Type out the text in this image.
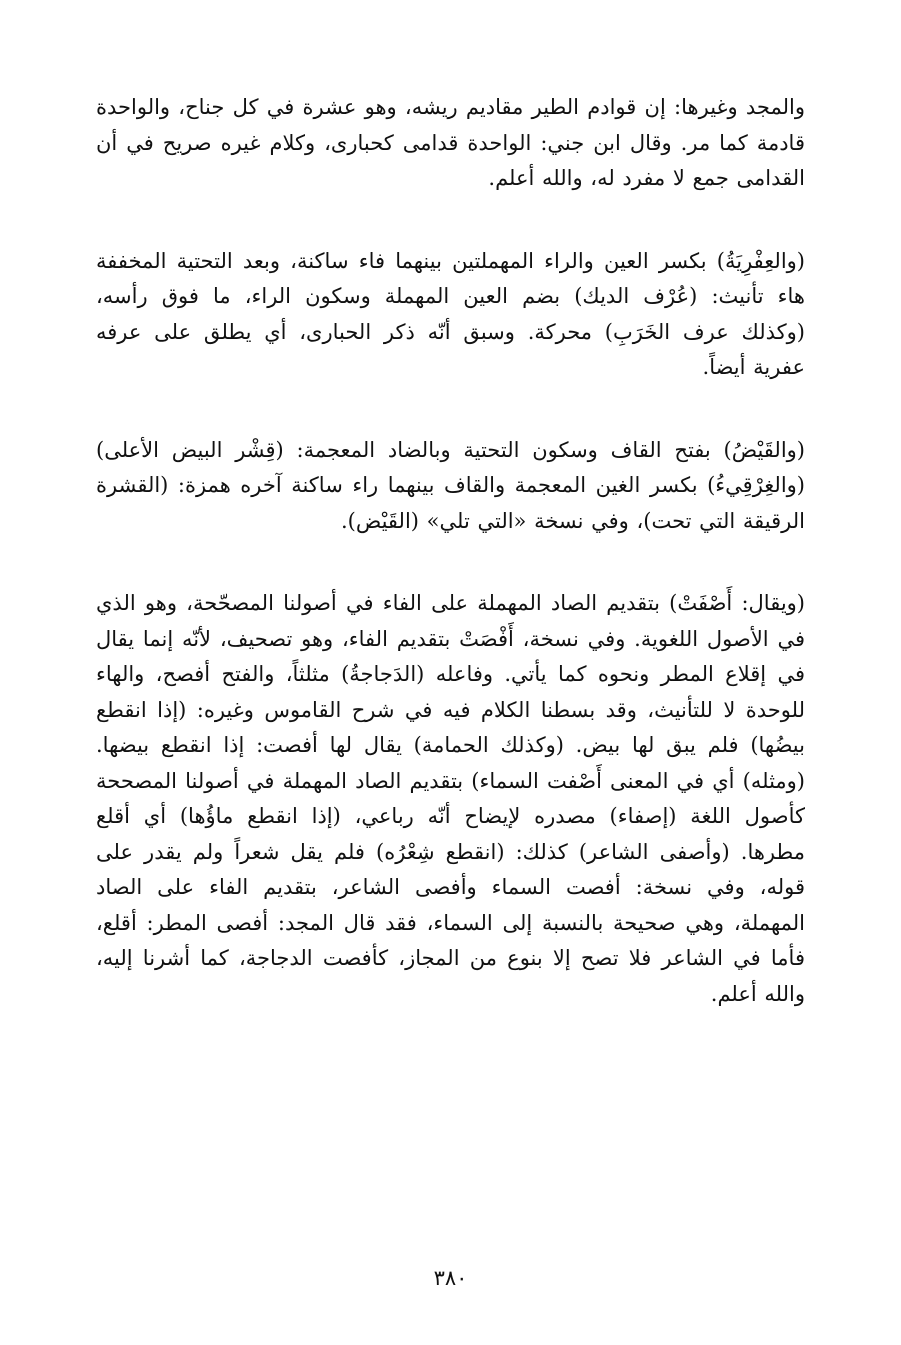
والمجد وغيرها: إن قوادم الطير مقاديم ريشه، وهو عشرة في كل جناح، والواحدة قادمة كما مر. وقال ابن جني: الواحدة قدامى كحبارى، وكلام غيره صريح في أن القدامى جمع لا مفرد له، والله أعلم.

(والعِفْرِيَةُ) بكسر العين والراء المهملتين بينهما فاء ساكنة، وبعد التحتية المخففة هاء تأنيث: (عُرْف الديك) بضم العين المهملة وسكون الراء، ما فوق رأسه، (وكذلك عرف الخَرَبِ) محركة. وسبق أنّه ذكر الحبارى، أي يطلق على عرفه عفرية أيضاً.

(والقَيْضُ) بفتح القاف وسكون التحتية وبالضاد المعجمة: (قِشْر البيض الأعلى) (والغِرْقِيءُ) بكسر الغين المعجمة والقاف بينهما راء ساكنة آخره همزة: (القشرة الرقيقة التي تحت)، وفي نسخة «التي تلي» (القَيْض).

(ويقال: أَصْفَتْ) بتقديم الصاد المهملة على الفاء في أصولنا المصحّحة، وهو الذي في الأصول اللغوية. وفي نسخة، أَفْصَتْ بتقديم الفاء، وهو تصحيف، لأنّه إنما يقال في إقلاع المطر ونحوه كما يأتي. وفاعله (الدَجاجةُ) مثلثاً، والفتح أفصح، والهاء للوحدة لا للتأنيث، وقد بسطنا الكلام فيه في شرح القاموس وغيره: (إذا انقطع بيضُها) فلم يبق لها بيض. (وكذلك الحمامة) يقال لها أفصت: إذا انقطع بيضها. (ومثله) أي في المعنى أَصْفت السماء) بتقديم الصاد المهملة في أصولنا المصححة كأصول اللغة (إصفاء) مصدره لإيضاح أنّه رباعي، (إذا انقطع ماؤُها) أي أقلع مطرها. (وأصفى الشاعر) كذلك: (انقطع شِعْرُه) فلم يقل شعراً ولم يقدر على قوله، وفي نسخة: أفصت السماء وأفصى الشاعر، بتقديم الفاء على الصاد المهملة، وهي صحيحة بالنسبة إلى السماء، فقد قال المجد: أفصى المطر: أقلع، فأما في الشاعر فلا تصح إلا بنوع من المجاز، كأفصت الدجاجة، كما أشرنا إليه، والله أعلم.

٣٨٠
